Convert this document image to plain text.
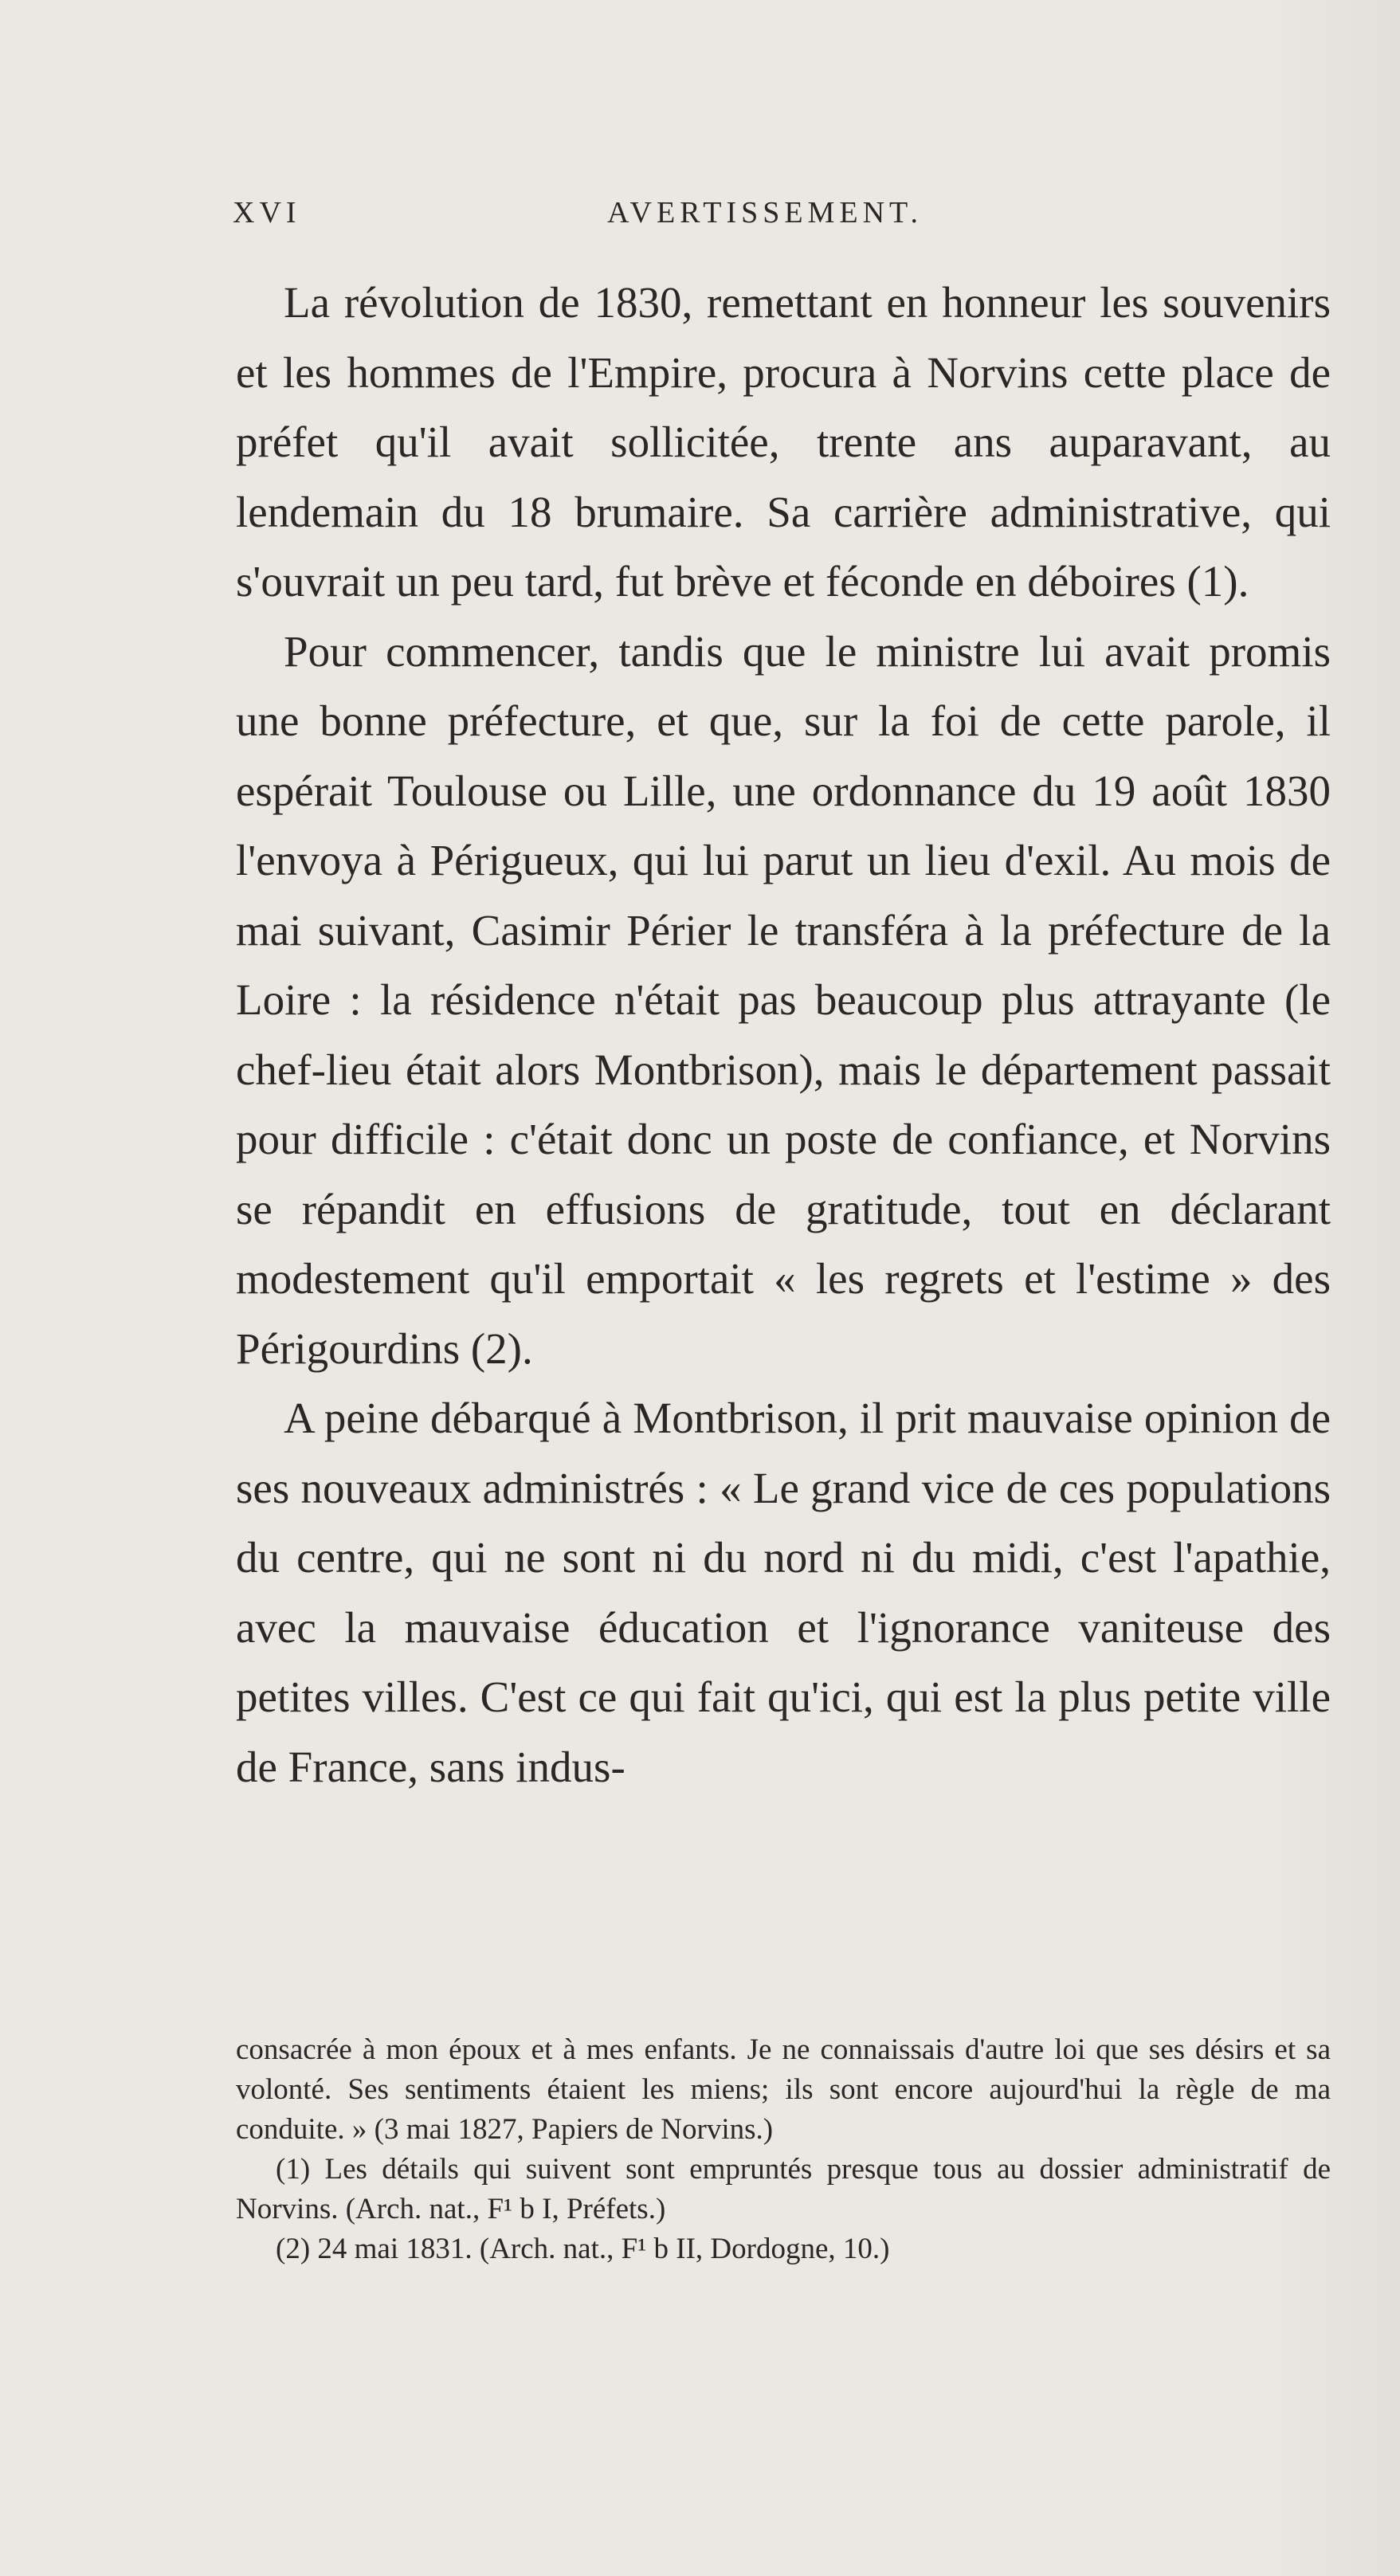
XVI	AVERTISSEMENT.

La révolution de 1830, remettant en honneur les souvenirs et les hommes de l'Empire, procura à Norvins cette place de préfet qu'il avait sollicitée, trente ans auparavant, au lendemain du 18 brumaire. Sa carrière administrative, qui s'ouvrait un peu tard, fut brève et féconde en déboires (1).

Pour commencer, tandis que le ministre lui avait promis une bonne préfecture, et que, sur la foi de cette parole, il espérait Toulouse ou Lille, une ordonnance du 19 août 1830 l'envoya à Périgueux, qui lui parut un lieu d'exil. Au mois de mai suivant, Casimir Périer le transféra à la préfecture de la Loire : la résidence n'était pas beaucoup plus attrayante (le chef-lieu était alors Montbrison), mais le département passait pour difficile : c'était donc un poste de confiance, et Norvins se répandit en effusions de gratitude, tout en déclarant modestement qu'il emportait « les regrets et l'estime » des Périgourdins (2).

A peine débarqué à Montbrison, il prit mauvaise opinion de ses nouveaux administrés : « Le grand vice de ces populations du centre, qui ne sont ni du nord ni du midi, c'est l'apathie, avec la mauvaise éducation et l'ignorance vaniteuse des petites villes. C'est ce qui fait qu'ici, qui est la plus petite ville de France, sans indus-

consacrée à mon époux et à mes enfants. Je ne connaissais d'autre loi que ses désirs et sa volonté. Ses sentiments étaient les miens; ils sont encore aujourd'hui la règle de ma conduite. » (3 mai 1827, Papiers de Norvins.)

(1) Les détails qui suivent sont empruntés presque tous au dossier administratif de Norvins. (Arch. nat., F¹ b I, Préfets.)

(2) 24 mai 1831. (Arch. nat., F¹ b II, Dordogne, 10.)
